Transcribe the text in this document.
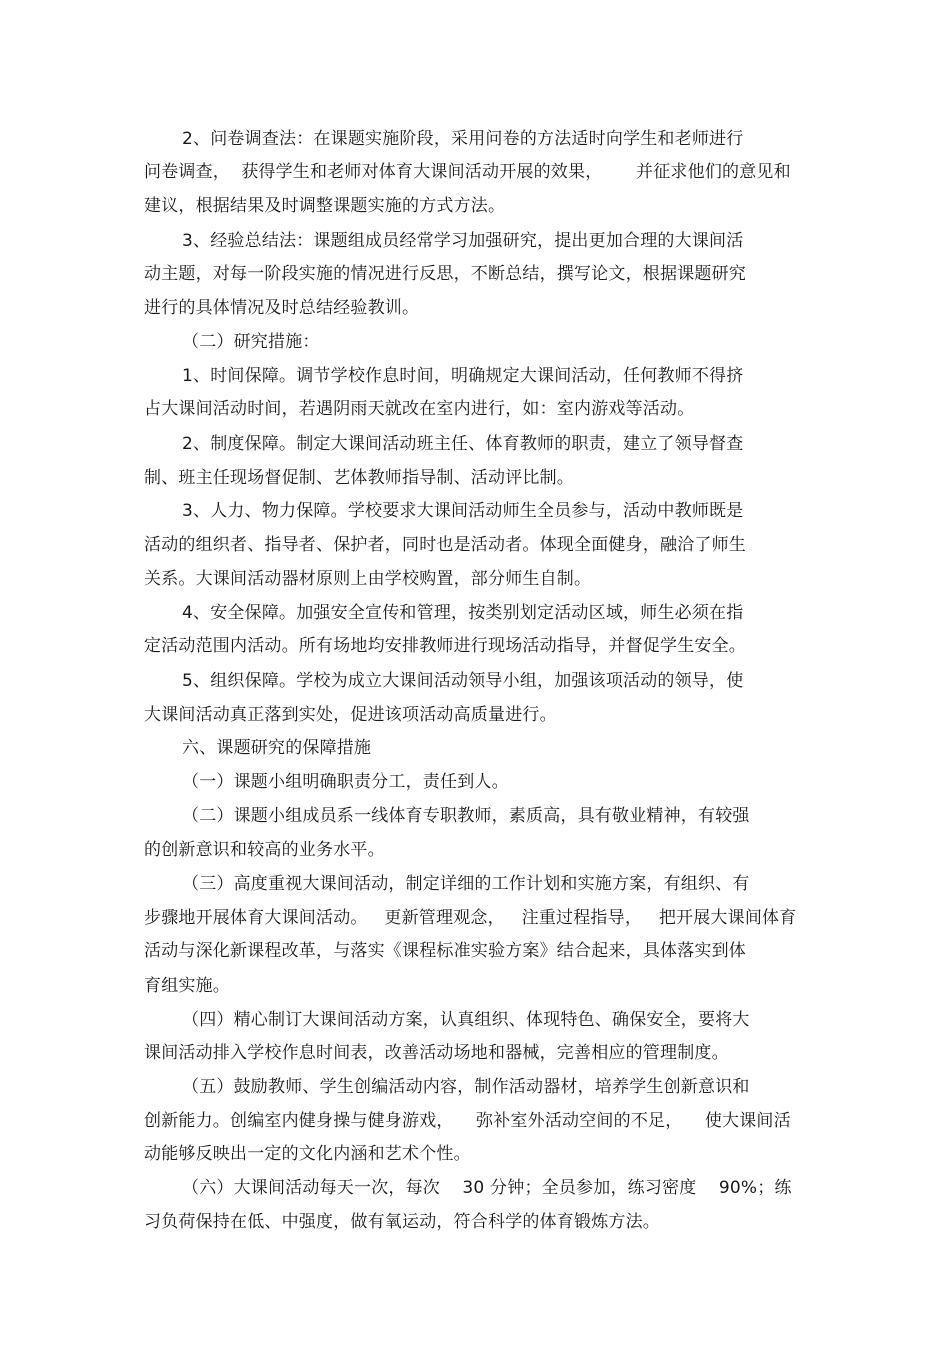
2、问卷调查法：在课题实施阶段，采用问卷的方法适时向学生和老师进行
问卷调查，  获得学生和老师对体育大课间活动开展的效果，      并征求他们的意见和
建议，根据结果及时调整课题实施的方式方法。
3、经验总结法：课题组成员经常学习加强研究，提出更加合理的大课间活
动主题，对每一阶段实施的情况进行反思，不断总结，撰写论文，根据课题研究
进行的具体情况及时总结经验教训。
（二）研究措施：
1、时间保障。调节学校作息时间，明确规定大课间活动，任何教师不得挤
占大课间活动时间，若遇阴雨天就改在室内进行，如：室内游戏等活动。
2、制度保障。制定大课间活动班主任、体育教师的职责，建立了领导督查
制、班主任现场督促制、艺体教师指导制、活动评比制。
3、人力、物力保障。学校要求大课间活动师生全员参与，活动中教师既是
活动的组织者、指导者、保护者，同时也是活动者。体现全面健身，融洽了师生
关系。大课间活动器材原则上由学校购置，部分师生自制。
4、安全保障。加强安全宣传和管理，按类别划定活动区域，师生必须在指
定活动范围内活动。所有场地均安排教师进行现场活动指导，并督促学生安全。
5、组织保障。学校为成立大课间活动领导小组，加强该项活动的领导，使
大课间活动真正落到实处，促进该项活动高质量进行。
六、课题研究的保障措施
（一）课题小组明确职责分工，责任到人。
（二）课题小组成员系一线体育专职教师，素质高，具有敬业精神，有较强
的创新意识和较高的业务水平。
（三）高度重视大课间活动，制定详细的工作计划和实施方案，有组织、有
步骤地开展体育大课间活动。   更新管理观念，   注重过程指导，   把开展大课间体育
活动与深化新课程改革，与落实《课程标准实验方案》结合起来，具体落实到体
育组实施。
（四）精心制订大课间活动方案，认真组织、体现特色、确保安全，要将大
课间活动排入学校作息时间表，改善活动场地和器械，完善相应的管理制度。
（五）鼓励教师、学生创编活动内容，制作活动器材，培养学生创新意识和
创新能力。创编室内健身操与健身游戏，    弥补室外活动空间的不足，    使大课间活
动能够反映出一定的文化内涵和艺术个性。
（六）大课间活动每天一次，每次    30 分钟；全员参加，练习密度    90%；练
习负荷保持在低、中强度，做有氧运动，符合科学的体育锻炼方法。
